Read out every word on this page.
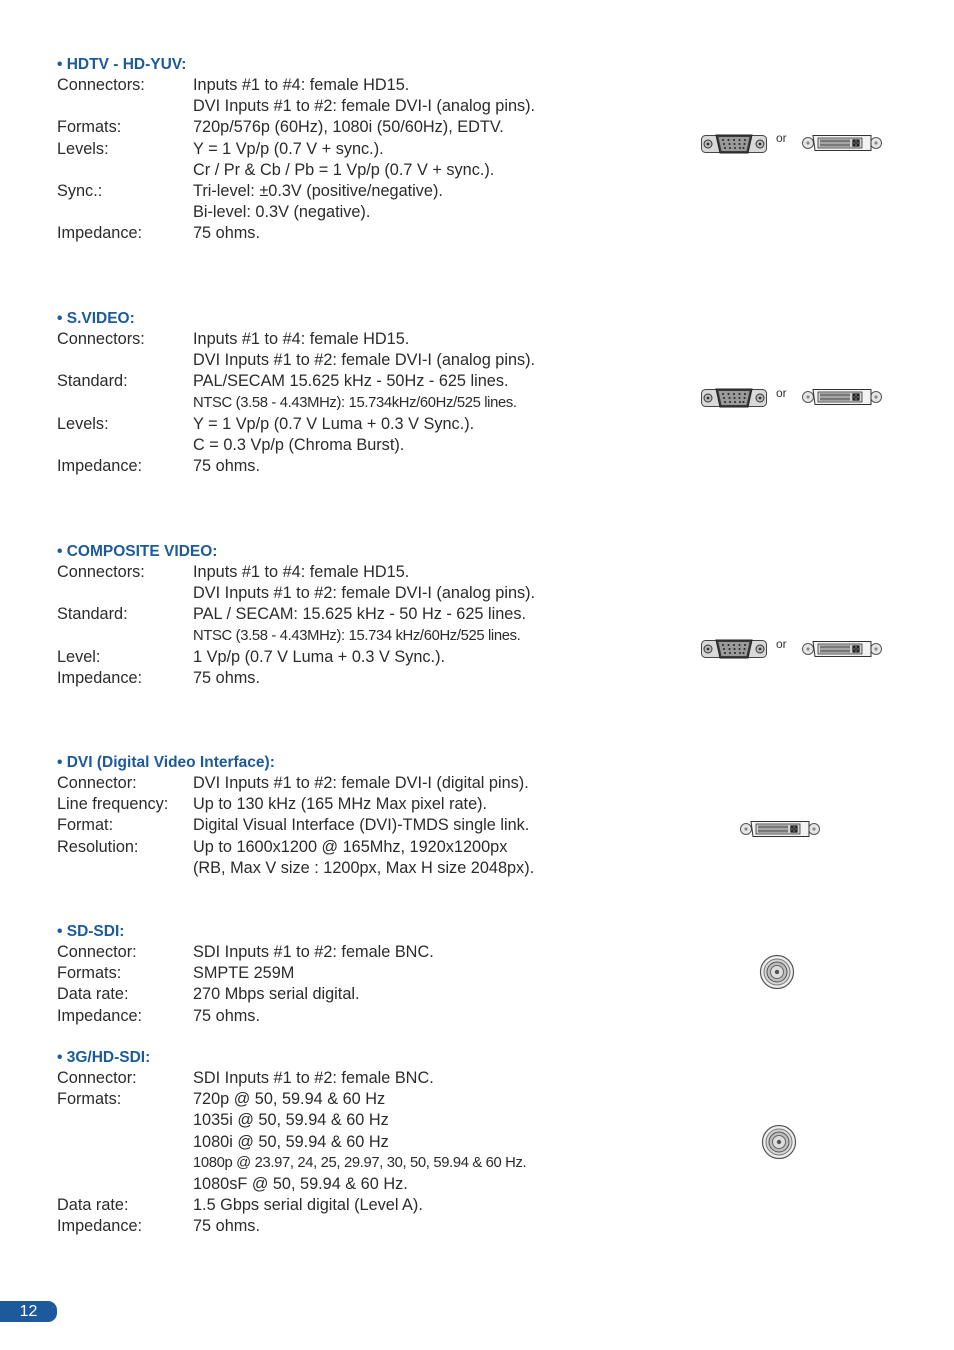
• HDTV - HD-YUV:
Connectors:	Inputs #1 to #4: female HD15.
DVI Inputs #1 to #2: female DVI-I (analog pins).
Formats:	720p/576p (60Hz), 1080i (50/60Hz), EDTV.
Levels:	Y = 1 Vp/p (0.7 V + sync.).
Cr / Pr & Cb / Pb = 1 Vp/p (0.7 V + sync.).
Sync.:	Tri-level: ±0.3V (positive/negative).
Bi-level: 0.3V (negative).
Impedance:	75 ohms.
• S.VIDEO:
Connectors:	Inputs #1 to #4: female HD15.
DVI Inputs #1 to #2: female DVI-I (analog pins).
Standard:	PAL/SECAM 15.625 kHz - 50Hz - 625 lines.
NTSC (3.58 - 4.43MHz): 15.734kHz/60Hz/525 lines.
Levels:	Y = 1 Vp/p (0.7 V Luma + 0.3 V Sync.).
C = 0.3 Vp/p (Chroma Burst).
Impedance:	75 ohms.
• COMPOSITE VIDEO:
Connectors:	Inputs #1 to #4: female HD15.
DVI Inputs #1 to #2: female DVI-I (analog pins).
Standard:	PAL / SECAM: 15.625 kHz - 50 Hz - 625 lines.
NTSC (3.58 - 4.43MHz): 15.734 kHz/60Hz/525 lines.
Level:	1 Vp/p (0.7 V Luma + 0.3 V Sync.).
Impedance:	75 ohms.
• DVI (Digital Video Interface):
Connector:	DVI Inputs #1 to #2: female DVI-I (digital pins).
Line frequency:	Up to 130 kHz (165 MHz Max pixel rate).
Format:	Digital Visual Interface (DVI)-TMDS single link.
Resolution:	Up to 1600x1200 @ 165Mhz, 1920x1200px
(RB, Max V size : 1200px, Max H size 2048px).
• SD-SDI:
Connector:	SDI Inputs #1 to #2: female BNC.
Formats:	SMPTE 259M
Data rate:	270 Mbps serial digital.
Impedance:	75 ohms.
• 3G/HD-SDI:
Connector:	SDI Inputs #1 to #2: female BNC.
Formats:	720p @ 50, 59.94 & 60 Hz
1035i @ 50, 59.94 & 60 Hz
1080i @ 50, 59.94 & 60 Hz
1080p @ 23.97, 24, 25, 29.97, 30, 50, 59.94 & 60 Hz.
1080sF @ 50, 59.94 & 60 Hz.
Data rate:	1.5 Gbps serial digital (Level A).
Impedance:	75 ohms.
or
or
or
12
